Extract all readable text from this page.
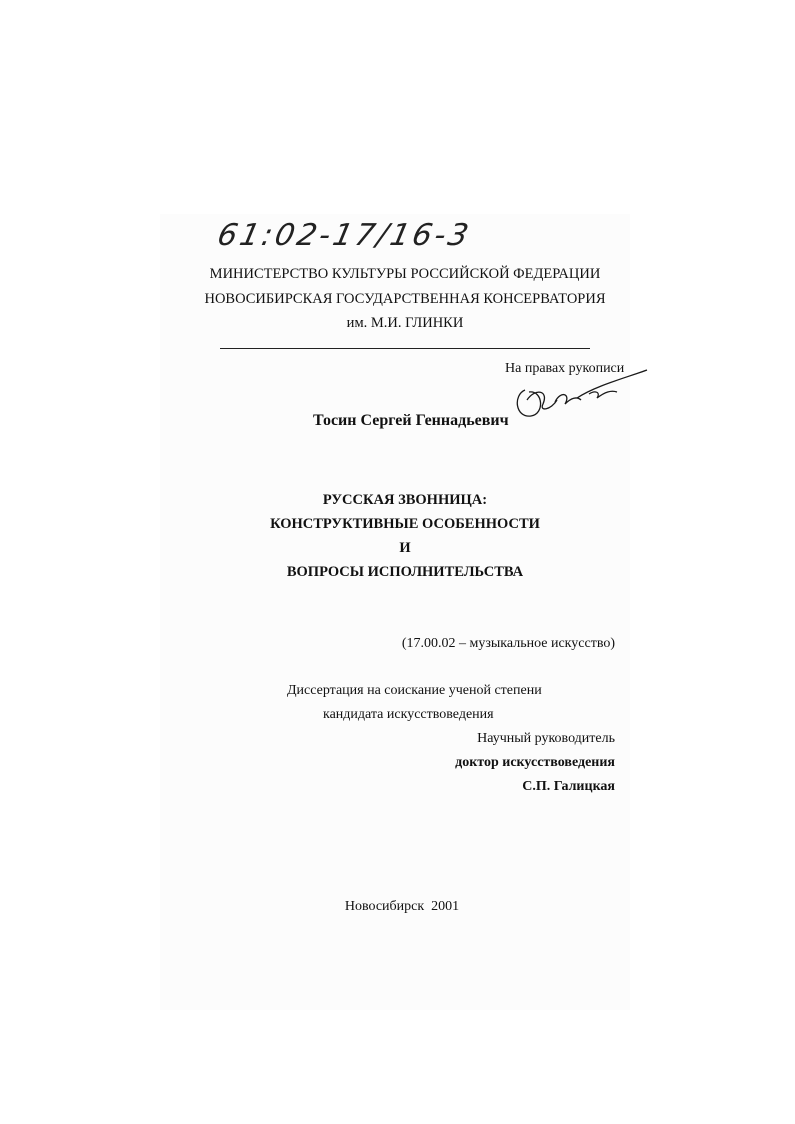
61:02-17/16-3
МИНИСТЕРСТВО КУЛЬТУРЫ РОССИЙСКОЙ ФЕДЕРАЦИИ
НОВОСИБИРСКАЯ ГОСУДАРСТВЕННАЯ КОНСЕРВАТОРИЯ
им. М.И. ГЛИНКИ
На правах рукописи
Тосин Сергей Геннадьевич
РУССКАЯ ЗВОННИЦА:
КОНСТРУКТИВНЫЕ ОСОБЕННОСТИ
И
ВОПРОСЫ ИСПОЛНИТЕЛЬСТВА
(17.00.02 – музыкальное искусство)
Диссертация на соискание ученой степени
кандидата искусствоведения
Научный руководитель
доктор искусствоведения
С.П. Галицкая
Новосибирск  2001
